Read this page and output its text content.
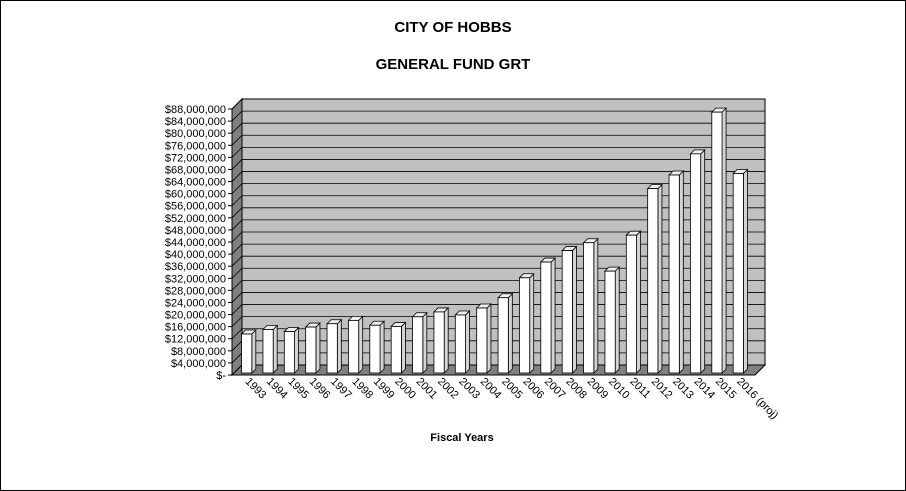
CITY OF HOBBS
GENERAL FUND GRT
$-
$4,000,000
$8,000,000
$12,000,000
$16,000,000
$20,000,000
$24,000,000
$28,000,000
$32,000,000
$36,000,000
$40,000,000
$44,000,000
$48,000,000
$52,000,000
$56,000,000
$60,000,000
$64,000,000
$68,000,000
$72,000,000
$76,000,000
$80,000,000
$84,000,000
$88,000,000
1993
1994
1995
1996
1997
1998
1999
2000
2001
2002
2003
2004
2005
2006
2007
2008
2009
2010
2011
2012
2013
2014
2015
2016 (proj)
Fiscal Years
